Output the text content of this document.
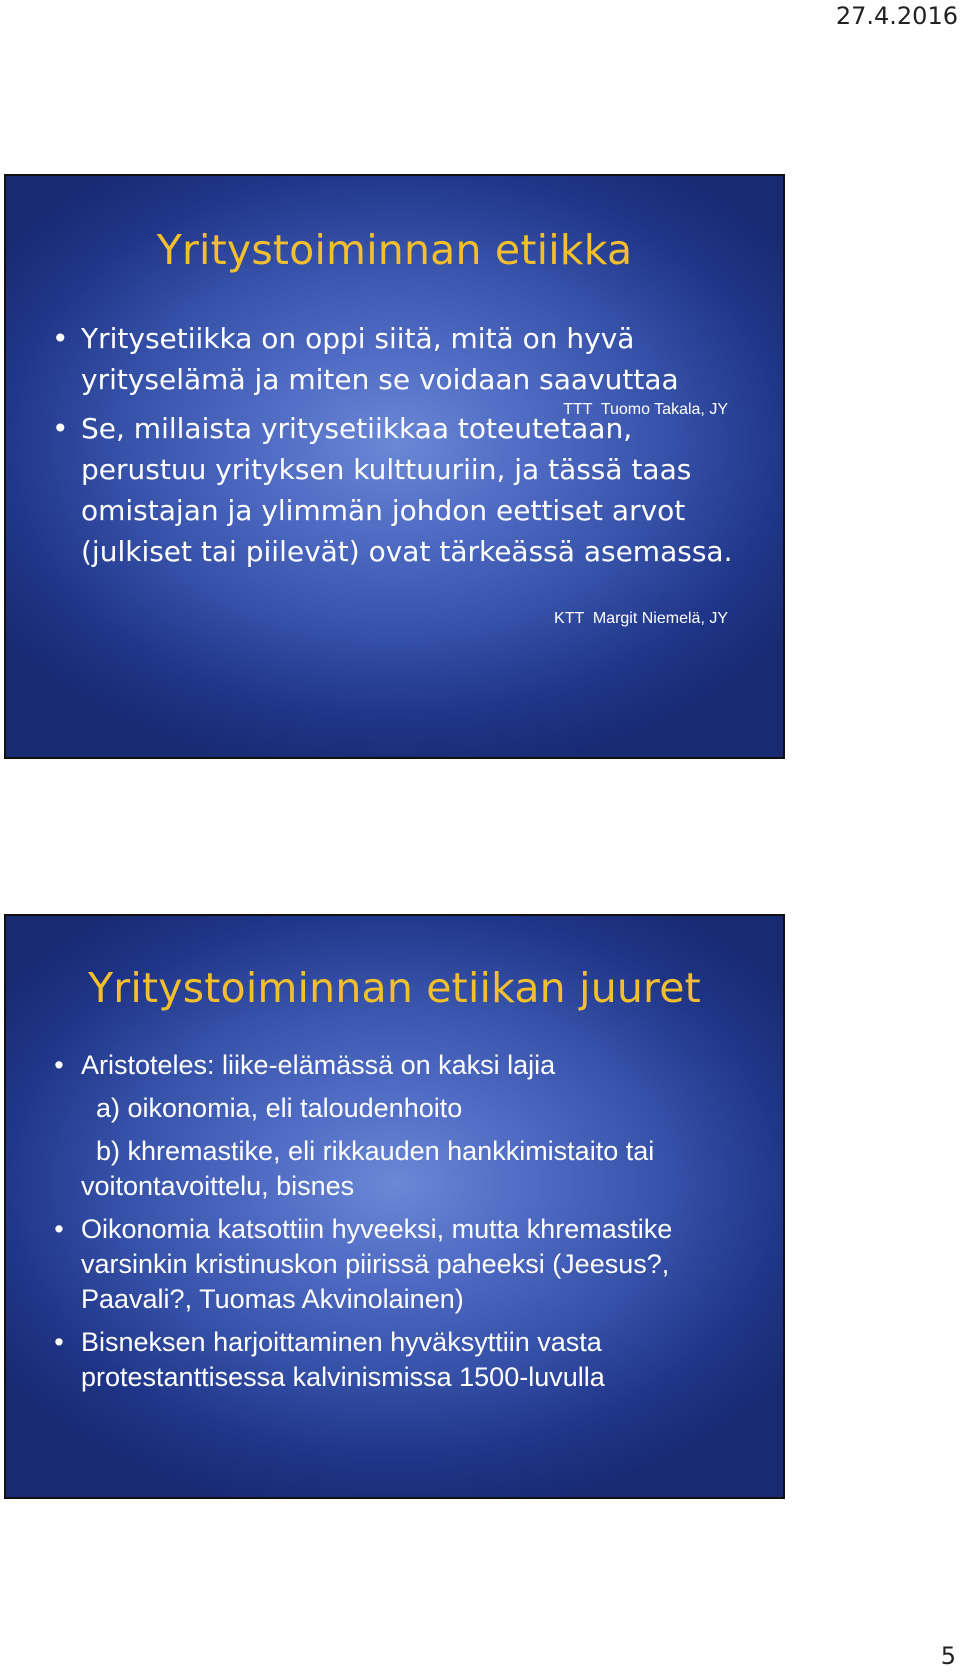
27.4.2016
Yritystoiminnan etiikka
• Yritysetiikka on oppi siitä, mitä on hyvä
yrityselämä ja miten se voidaan saavuttaa
• Se, millaista yritysetiikkaa toteutetaan,
perustuu yrityksen kulttuuriin, ja tässä taas
omistajan ja ylimmän johdon eettiset arvot
(julkiset tai piilevät) ovat tärkeässä asemassa.
TTT  Tuomo Takala, JY
KTT  Margit Niemelä, JY
Yritystoiminnan etiikan juuret
• Aristoteles: liike-elämässä on kaksi lajia
a) oikonomia, eli taloudenhoito
b) khremastike, eli rikkauden hankkimistaito tai
voitontavoittelu, bisnes
• Oikonomia katsottiin hyveeksi, mutta khremastike
varsinkin kristinuskon piirissä paheeksi (Jeesus?,
Paavali?, Tuomas Akvinolainen)
• Bisneksen harjoittaminen hyväksyttiin vasta
protestanttisessa kalvinismissa 1500-luvulla
5
